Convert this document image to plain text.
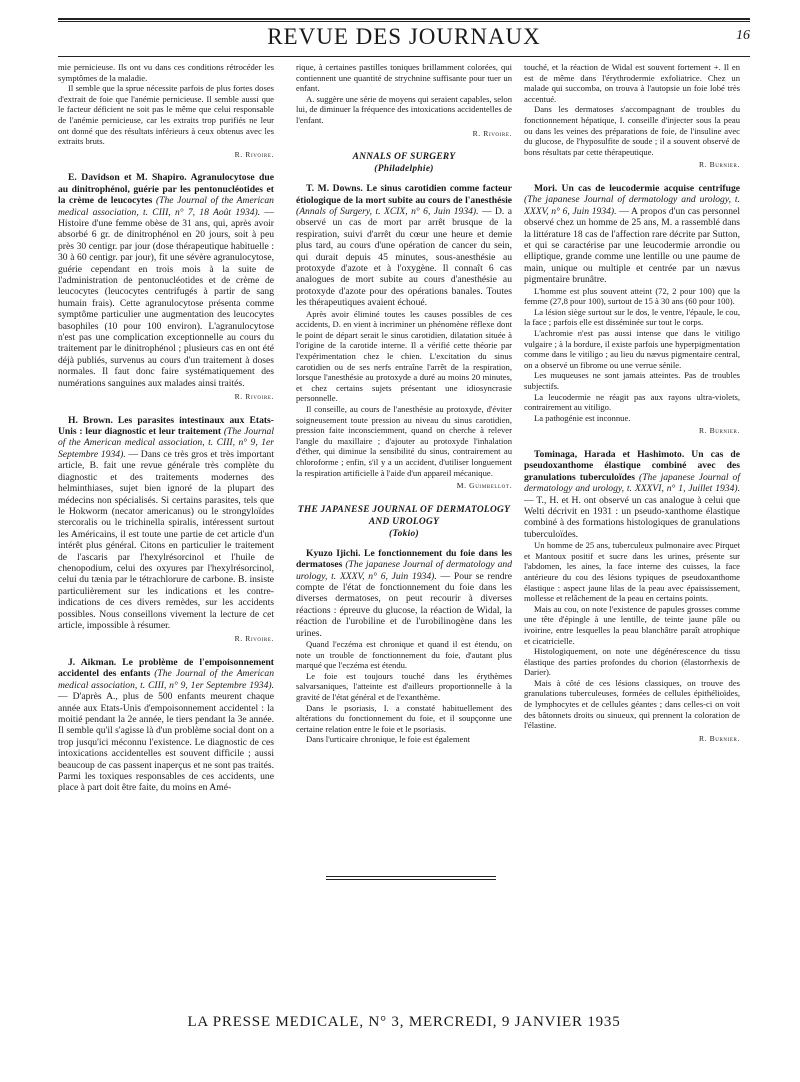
REVUE DES JOURNAUX	16

mie pernicieuse. Ils ont vu dans ces conditions rétrocéder les symptômes de la maladie.

Il semble que la sprue nécessite parfois de plus fortes doses d'extrait de foie que l'anémie pernicieuse. Il semble aussi que le facteur déficient ne soit pas le même que celui responsable de l'anémie pernicieuse, car les extraits trop purifiés ne leur ont donné que des résultats inférieurs à ceux obtenus avec les extraits bruts.

R. Rivoire.
E. Davidson et M. Shapiro. Agranulocytose due au dinitrophénol, guérie par les pentonucléotides et la crème de leucocytes (The Journal of the American medical association, t. CIII, n° 7, 18 Août 1934). — Histoire d'une femme obèse de 31 ans, qui, après avoir absorbé 6 gr. de dinitrophénol en 20 jours, soit à peu près 30 centigr. par jour (dose thérapeutique habituelle : 30 à 60 centigr. par jour), fit une sévère agranulocytose, guérie cependant en trois mois à la suite de l'administration de pentonucléotides et de crème de leucocytes (leucocytes centrifugés à partir de sang humain frais). Cette agranulocytose présenta comme symptôme particulier une augmentation des leucocytes basophiles (10 pour 100 environ). L'agranulocytose n'est pas une complication exceptionnelle au cours du traitement par le dinitrophénol ; plusieurs cas en ont été déjà publiés, survenus au cours d'un traitement à doses normales. Il faut donc faire systématiquement des numérations sanguines aux malades ainsi traités.
R. Rivoire.
H. Brown. Les parasites intestinaux aux Etats-Unis : leur diagnostic et leur traitement (The Journal of the American medical association, t. CIII, n° 9, 1er Septembre 1934). — Dans ce très gros et très important article, B. fait une revue générale très complète du diagnostic et des traitements modernes des helminthiases, sujet bien ignoré de la plupart des médecins non spécialisés. Si certains parasites, tels que le Hokworm (necator americanus) ou le strongyloïdes stercoralis ou le trichinella spiralis, intéressent surtout les Américains, il est toute une partie de cet article d'un intérêt plus général. Citons en particulier le traitement de l'ascaris par l'hexylrésorcinol et l'huile de chenopodium, celui des oxyures par l'hexylrésorcinol, celui du tænia par le tétrachlorure de carbone. B. insiste particulièrement sur les indications et les contre-indications de ces divers remèdes, sur les accidents possibles. Nous conseillons vivement la lecture de cet article, impossible à résumer.
R. Rivoire.
J. Aikman. Le problème de l'empoisonnement accidentel des enfants (The Journal of the American medical association, t. CIII, n° 9, 1er Septembre 1934). — D'après A., plus de 500 enfants meurent chaque année aux Etats-Unis d'empoisonnement accidentel : la moitié pendant la 2e année, le tiers pendant la 3e année. Il semble qu'il s'agisse là d'un problème social dont on a trop jusqu'ici méconnu l'existence. Le diagnostic de ces intoxications accidentelles est souvent difficile ; aussi beaucoup de cas passent inaperçus et ne sont pas traités. Parmi les toxiques responsables de ces accidents, une place à part doit être faite, du moins en Amé-

rique, à certaines pastilles toniques brillamment colorées, qui contiennent une quantité de strychnine suffisante pour tuer un enfant.

A. suggère une série de moyens qui seraient capables, selon lui, de diminuer la fréquence des intoxications accidentelles de l'enfant.

R. Rivoire.
ANNALS OF SURGERY
(Philadelphie)
T. M. Downs. Le sinus carotidien comme facteur étiologique de la mort subite au cours de l'anesthésie (Annals of Surgery, t. XCIX, n° 6, Juin 1934). — D. a observé un cas de mort par arrêt brusque de la respiration, suivi d'arrêt du cœur une heure et demie plus tard, au cours d'une opération de cancer du sein, qui durait depuis 45 minutes, sous-anesthésie au protoxyde d'azote et à l'oxygène. Il connaît 6 cas analogues de mort subite au cours d'anesthésie au protoxyde d'azote pour des opérations banales. Toutes les thérapeutiques avaient échoué.

Après avoir éliminé toutes les causes possibles de ces accidents, D. en vient à incriminer un phénomène réflexe dont le point de départ serait le sinus carotidien, dilatation située à l'origine de la carotide interne. Il a vérifié cette théorie par l'expérimentation chez le chien. L'excitation du sinus carotidien ou de ses nerfs entraîne l'arrêt de la respiration, lorsque l'anesthésie au protoxyde a duré au moins 20 minutes, et chez certains sujets présentant une idiosyncrasie personnelle.

Il conseille, au cours de l'anesthésie au protoxyde, d'éviter soigneusement toute pression au niveau du sinus carotidien, pression faite inconsciemment, quand on cherche à relever l'angle du maxillaire ; d'ajouter au protoxyde l'inhalation d'éther, qui diminue la sensibilité du sinus, contrairement au chloroforme ; enfin, s'il y a un accident, d'utiliser longuement la respiration artificielle à l'aide d'un appareil mécanique.

M. Guimbellot.
THE JAPANESE JOURNAL OF DERMATOLOGY AND UROLOGY
(Tokio)
Kyuzo Ijichi. Le fonctionnement du foie dans les dermatoses (The japanese Journal of dermatology and urology, t. XXXV, n° 6, Juin 1934). — Pour se rendre compte de l'état de fonctionnement du foie dans les diverses dermatoses, on peut recourir à diverses réactions : épreuve du glucose, la réaction de Widal, la réaction de l'urobiline et de l'urobilinogène dans les urines.

Quand l'eczéma est chronique et quand il est étendu, on note un trouble de fonctionnement du foie, d'autant plus marqué que l'eczéma est étendu.

Le foie est toujours touché dans les érythèmes salvarsaniques, l'atteinte est d'ailleurs proportionnelle à la gravité de l'état général et de l'exanthème.

Dans le psoriasis, I. a constaté habituellement des altérations du fonctionnement du foie, et il soupçonne une certaine relation entre le foie et le psoriasis.

Dans l'urticaire chronique, le foie est également

touché, et la réaction de Widal est souvent fortement +. Il en est de même dans l'érythrodermie exfoliatrice. Chez un malade qui succomba, on trouva à l'autopsie un foie lobé très accentué.

Dans les dermatoses s'accompagnant de troubles du fonctionnement hépatique, I. conseille d'injecter sous la peau ou dans les veines des préparations de foie, de l'insuline avec du glucose, de l'hyposulfite de soude ; il a souvent observé de bons résultats par cette thérapeutique.

R. Burnier.
Mori. Un cas de leucodermie acquise centrifuge (The japanese Journal of dermatology and urology, t. XXXV, n° 6, Juin 1934). — A propos d'un cas personnel observé chez un homme de 25 ans, M. a rassemblé dans la littérature 18 cas de l'affection rare décrite par Sutton, et qui se caractérise par une leucodermie arrondie ou elliptique, grande comme une lentille ou une paume de main, unique ou multiple et centrée par un nævus pigmentaire brunâtre.

L'homme est plus souvent atteint (72, 2 pour 100) que la femme (27,8 pour 100), surtout de 15 à 30 ans (60 pour 100).

La lésion siège surtout sur le dos, le ventre, l'épaule, le cou, la face ; parfois elle est disséminée sur tout le corps.

L'achromie n'est pas aussi intense que dans le vitiligo vulgaire ; à la bordure, il existe parfois une hyperpigmentation comme dans le vitiligo ; au lieu du nævus pigmentaire central, on a observé un fibrome ou une verrue sénile.

Les muqueuses ne sont jamais atteintes. Pas de troubles subjectifs.

La leucodermie ne réagit pas aux rayons ultra-violets, contrairement au vitiligo.

La pathogénie est inconnue.

R. Burnier.
Tominaga, Harada et Hashimoto. Un cas de pseudoxanthome élastique combiné avec des granulations tuberculoïdes (The japanese Journal of dermatology and urology, t. XXXVI, n° 1, Juillet 1934). — T., H. et H. ont observé un cas analogue à celui que Welti décrivit en 1931 : un pseudo-xanthome élastique combiné à des formations histologiques de granulations tuberculoïdes.

Un homme de 25 ans, tuberculeux pulmonaire avec Pirquet et Mantoux positif et sucre dans les urines, présente sur l'abdomen, les aines, la face interne des cuisses, la face antérieure du cou des lésions typiques de pseudoxanthome élastique : aspect jaune lilas de la peau avec épaississement, mollesse et relâchement de la peau en certains points.

Mais au cou, on note l'existence de papules grosses comme une tête d'épingle à une lentille, de teinte jaune pâle ou ivoirine, entre lesquelles la peau blanchâtre paraît atrophique et cicatricielle.

Histologiquement, on note une dégénérescence du tissu élastique des parties profondes du chorion (élastorrhexis de Darier).

Mais à côté de ces lésions classiques, on trouve des granulations tuberculeuses, formées de cellules épithélioïdes, de lymphocytes et de cellules géantes ; dans celles-ci on voit des bâtonnets droits ou sinueux, qui prennent la coloration de l'élastine.

R. Burnier.
LA PRESSE MEDICALE, N° 3, MERCREDI, 9 JANVIER 1935
